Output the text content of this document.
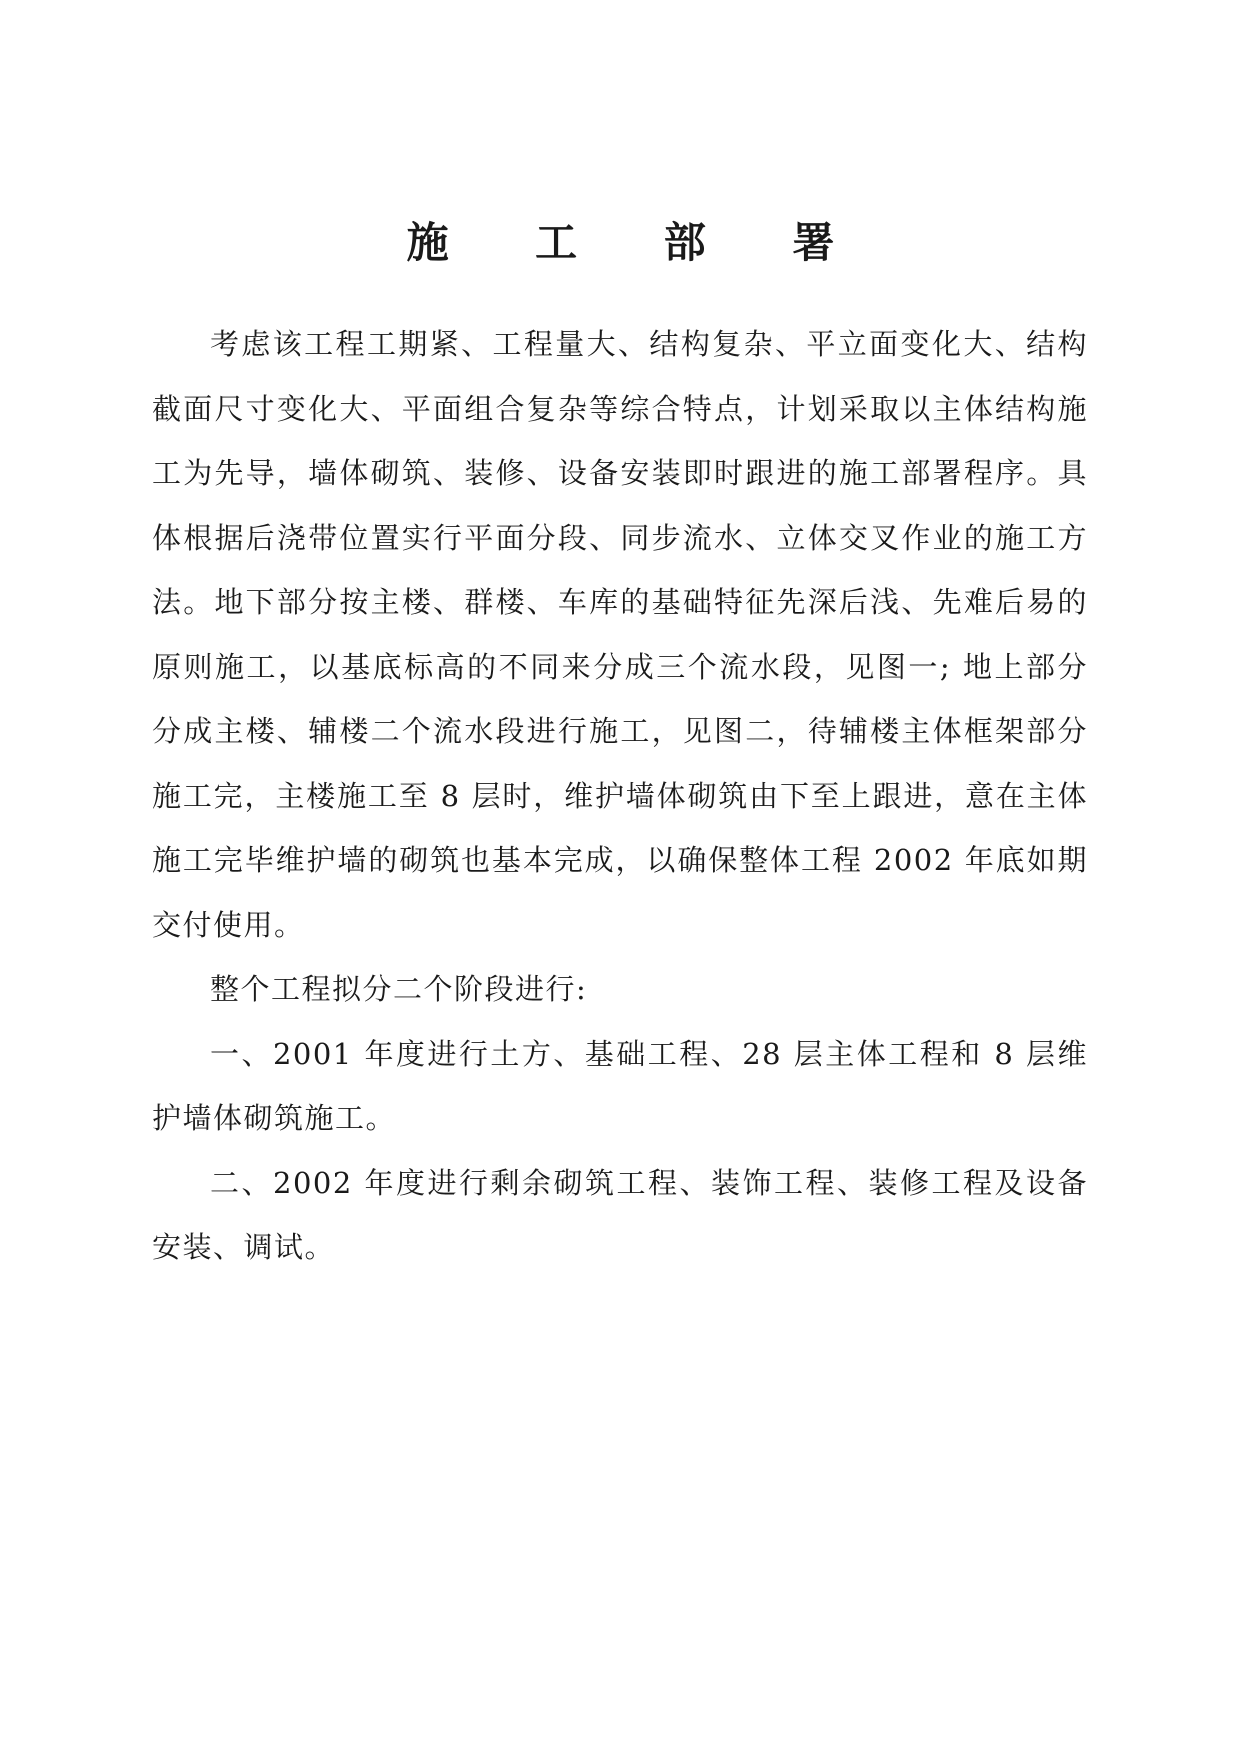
施 工 部 署

考虑该工程工期紧、工程量大、结构复杂、平立面变化大、结构截面尺寸变化大、平面组合复杂等综合特点，计划采取以主体结构施工为先导，墙体砌筑、装修、设备安装即时跟进的施工部署程序。具体根据后浇带位置实行平面分段、同步流水、立体交叉作业的施工方法。地下部分按主楼、群楼、车库的基础特征先深后浅、先难后易的原则施工，以基底标高的不同来分成三个流水段，见图一; 地上部分分成主楼、辅楼二个流水段进行施工，见图二，待辅楼主体框架部分施工完，主楼施工至 8 层时，维护墙体砌筑由下至上跟进，意在主体施工完毕维护墙的砌筑也基本完成，以确保整体工程 2002 年底如期交付使用。

整个工程拟分二个阶段进行:

一、2001 年度进行土方、基础工程、28 层主体工程和 8 层维护墙体砌筑施工。

二、2002 年度进行剩余砌筑工程、装饰工程、装修工程及设备安装、调试。
